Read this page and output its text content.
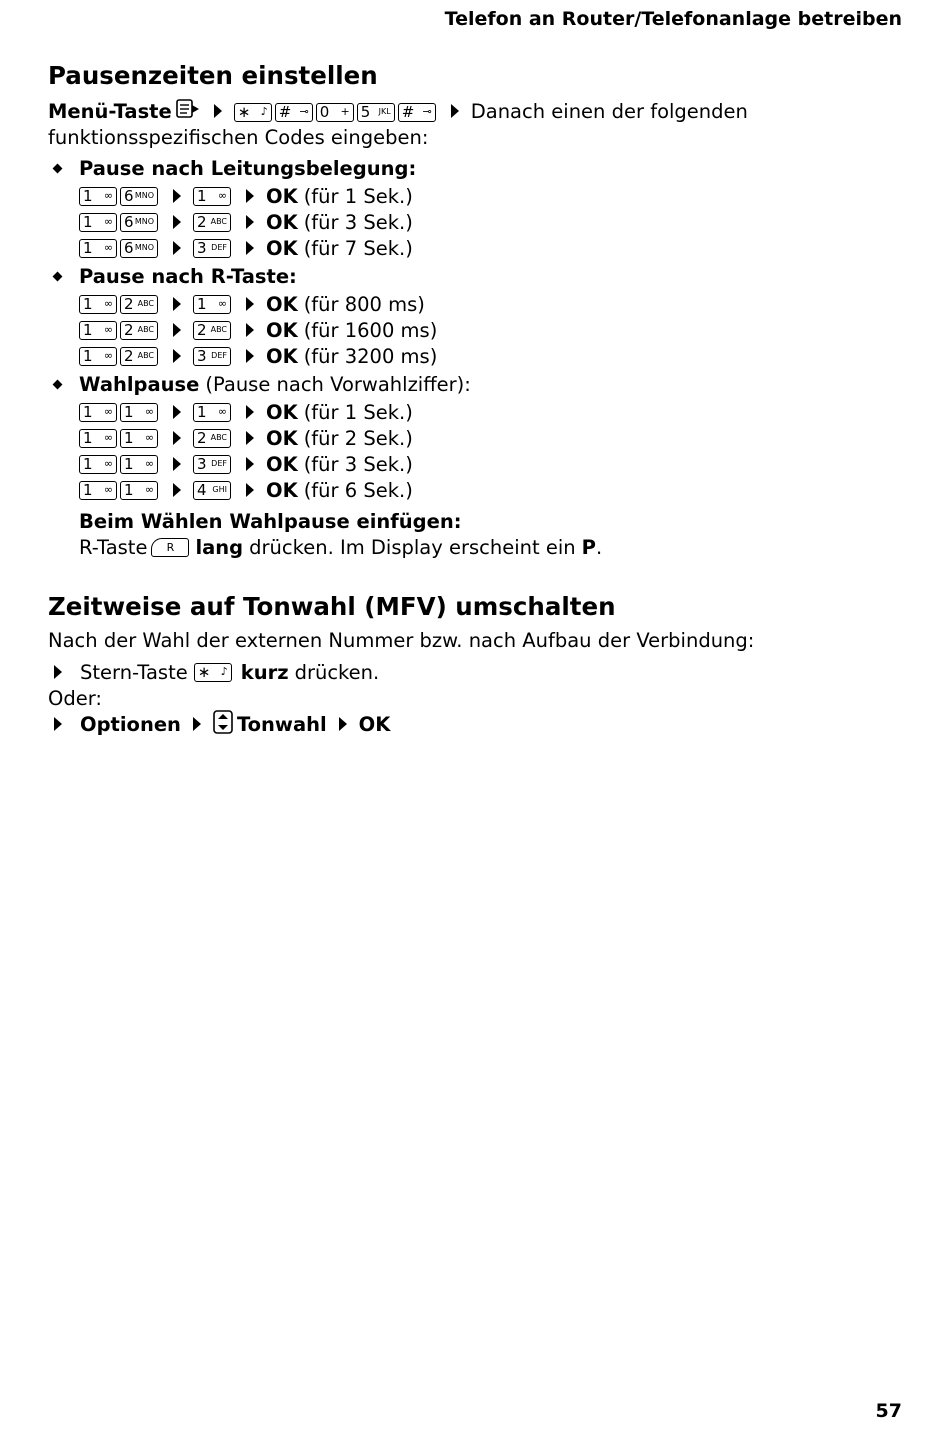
Telefon an Router/Telefonanlage betreiben
Pausenzeiten einstellen
Menü-Taste	∗ ♪ # ⊸ 0 + 5 JKL # ⊸ Danach einen der folgenden
funktionsspezifischen Codes eingeben:
Pause nach Leitungsbelegung:
1 ∞ 6 MNO	1 ∞ OK (für 1 Sek.)
1 ∞ 6 MNO	2 ABC OK (für 3 Sek.)
1 ∞ 6 MNO	3 DEF OK (für 7 Sek.)
Pause nach R-Taste:
1 ∞ 2 ABC	1 ∞ OK (für 800 ms)
1 ∞ 2 ABC	2 ABC OK (für 1600 ms)
1 ∞ 2 ABC	3 DEF OK (für 3200 ms)
Wahlpause (Pause nach Vorwahlziffer):
1 ∞ 1 ∞	1 ∞ OK (für 1 Sek.)
1 ∞ 1 ∞	2 ABC OK (für 2 Sek.)
1 ∞ 1 ∞	3 DEF OK (für 3 Sek.)
1 ∞ 1 ∞	4 GHI OK (für 6 Sek.)
Beim Wählen Wahlpause einfügen:
R-Taste	R	lang drücken. Im Display erscheint ein P .
Zeitweise auf Tonwahl (MFV) umschalten
Nach der Wahl der externen Nummer bzw. nach Aufbau der Verbindung:
Stern-Taste ∗ ♪ kurz drücken.
Oder:
Optionen	Tonwahl OK
57
